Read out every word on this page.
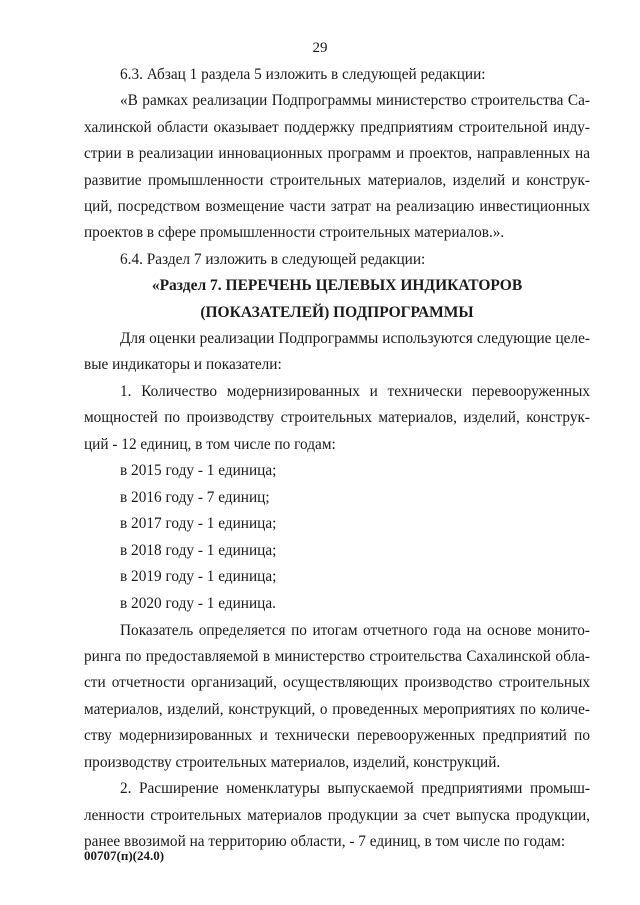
29
6.3. Абзац 1 раздела 5 изложить в следующей редакции:
«В рамках реализации Подпрограммы министерство строительства Са-
халинской области оказывает поддержку предприятиям строительной инду-
стрии в реализации инновационных программ и проектов, направленных на
развитие промышленности строительных материалов, изделий и конструк-
ций, посредством возмещение части затрат на реализацию инвестиционных
проектов в сфере промышленности строительных материалов.».
6.4. Раздел 7 изложить в следующей редакции:
«Раздел 7. ПЕРЕЧЕНЬ ЦЕЛЕВЫХ ИНДИКАТОРОВ
(ПОКАЗАТЕЛЕЙ) ПОДПРОГРАММЫ
Для оценки реализации Подпрограммы используются следующие целе-
вые индикаторы и показатели:
1. Количество модернизированных и технически перевооруженных
мощностей по производству строительных материалов, изделий, конструк-
ций - 12 единиц, в том числе по годам:

в 2015 году - 1 единица;

в 2016 году - 7 единиц;

в 2017 году - 1 единица;

в 2018 году - 1 единица;

в 2019 году - 1 единица;

в 2020 году - 1 единица.

Показатель определяется по итогам отчетного года на основе монито-
ринга по предоставляемой в министерство строительства Сахалинской обла-
сти отчетности организаций, осуществляющих производство строительных
материалов, изделий, конструкций, о проведенных мероприятиях по количе-
ству модернизированных и технически перевооруженных предприятий по
производству строительных материалов, изделий, конструкций.
2. Расширение номенклатуры выпускаемой предприятиями промыш-
ленности строительных материалов продукции за счет выпуска продукции,
ранее ввозимой на территорию области, - 7 единиц, в том числе по годам:
00707(п)(24.0)
